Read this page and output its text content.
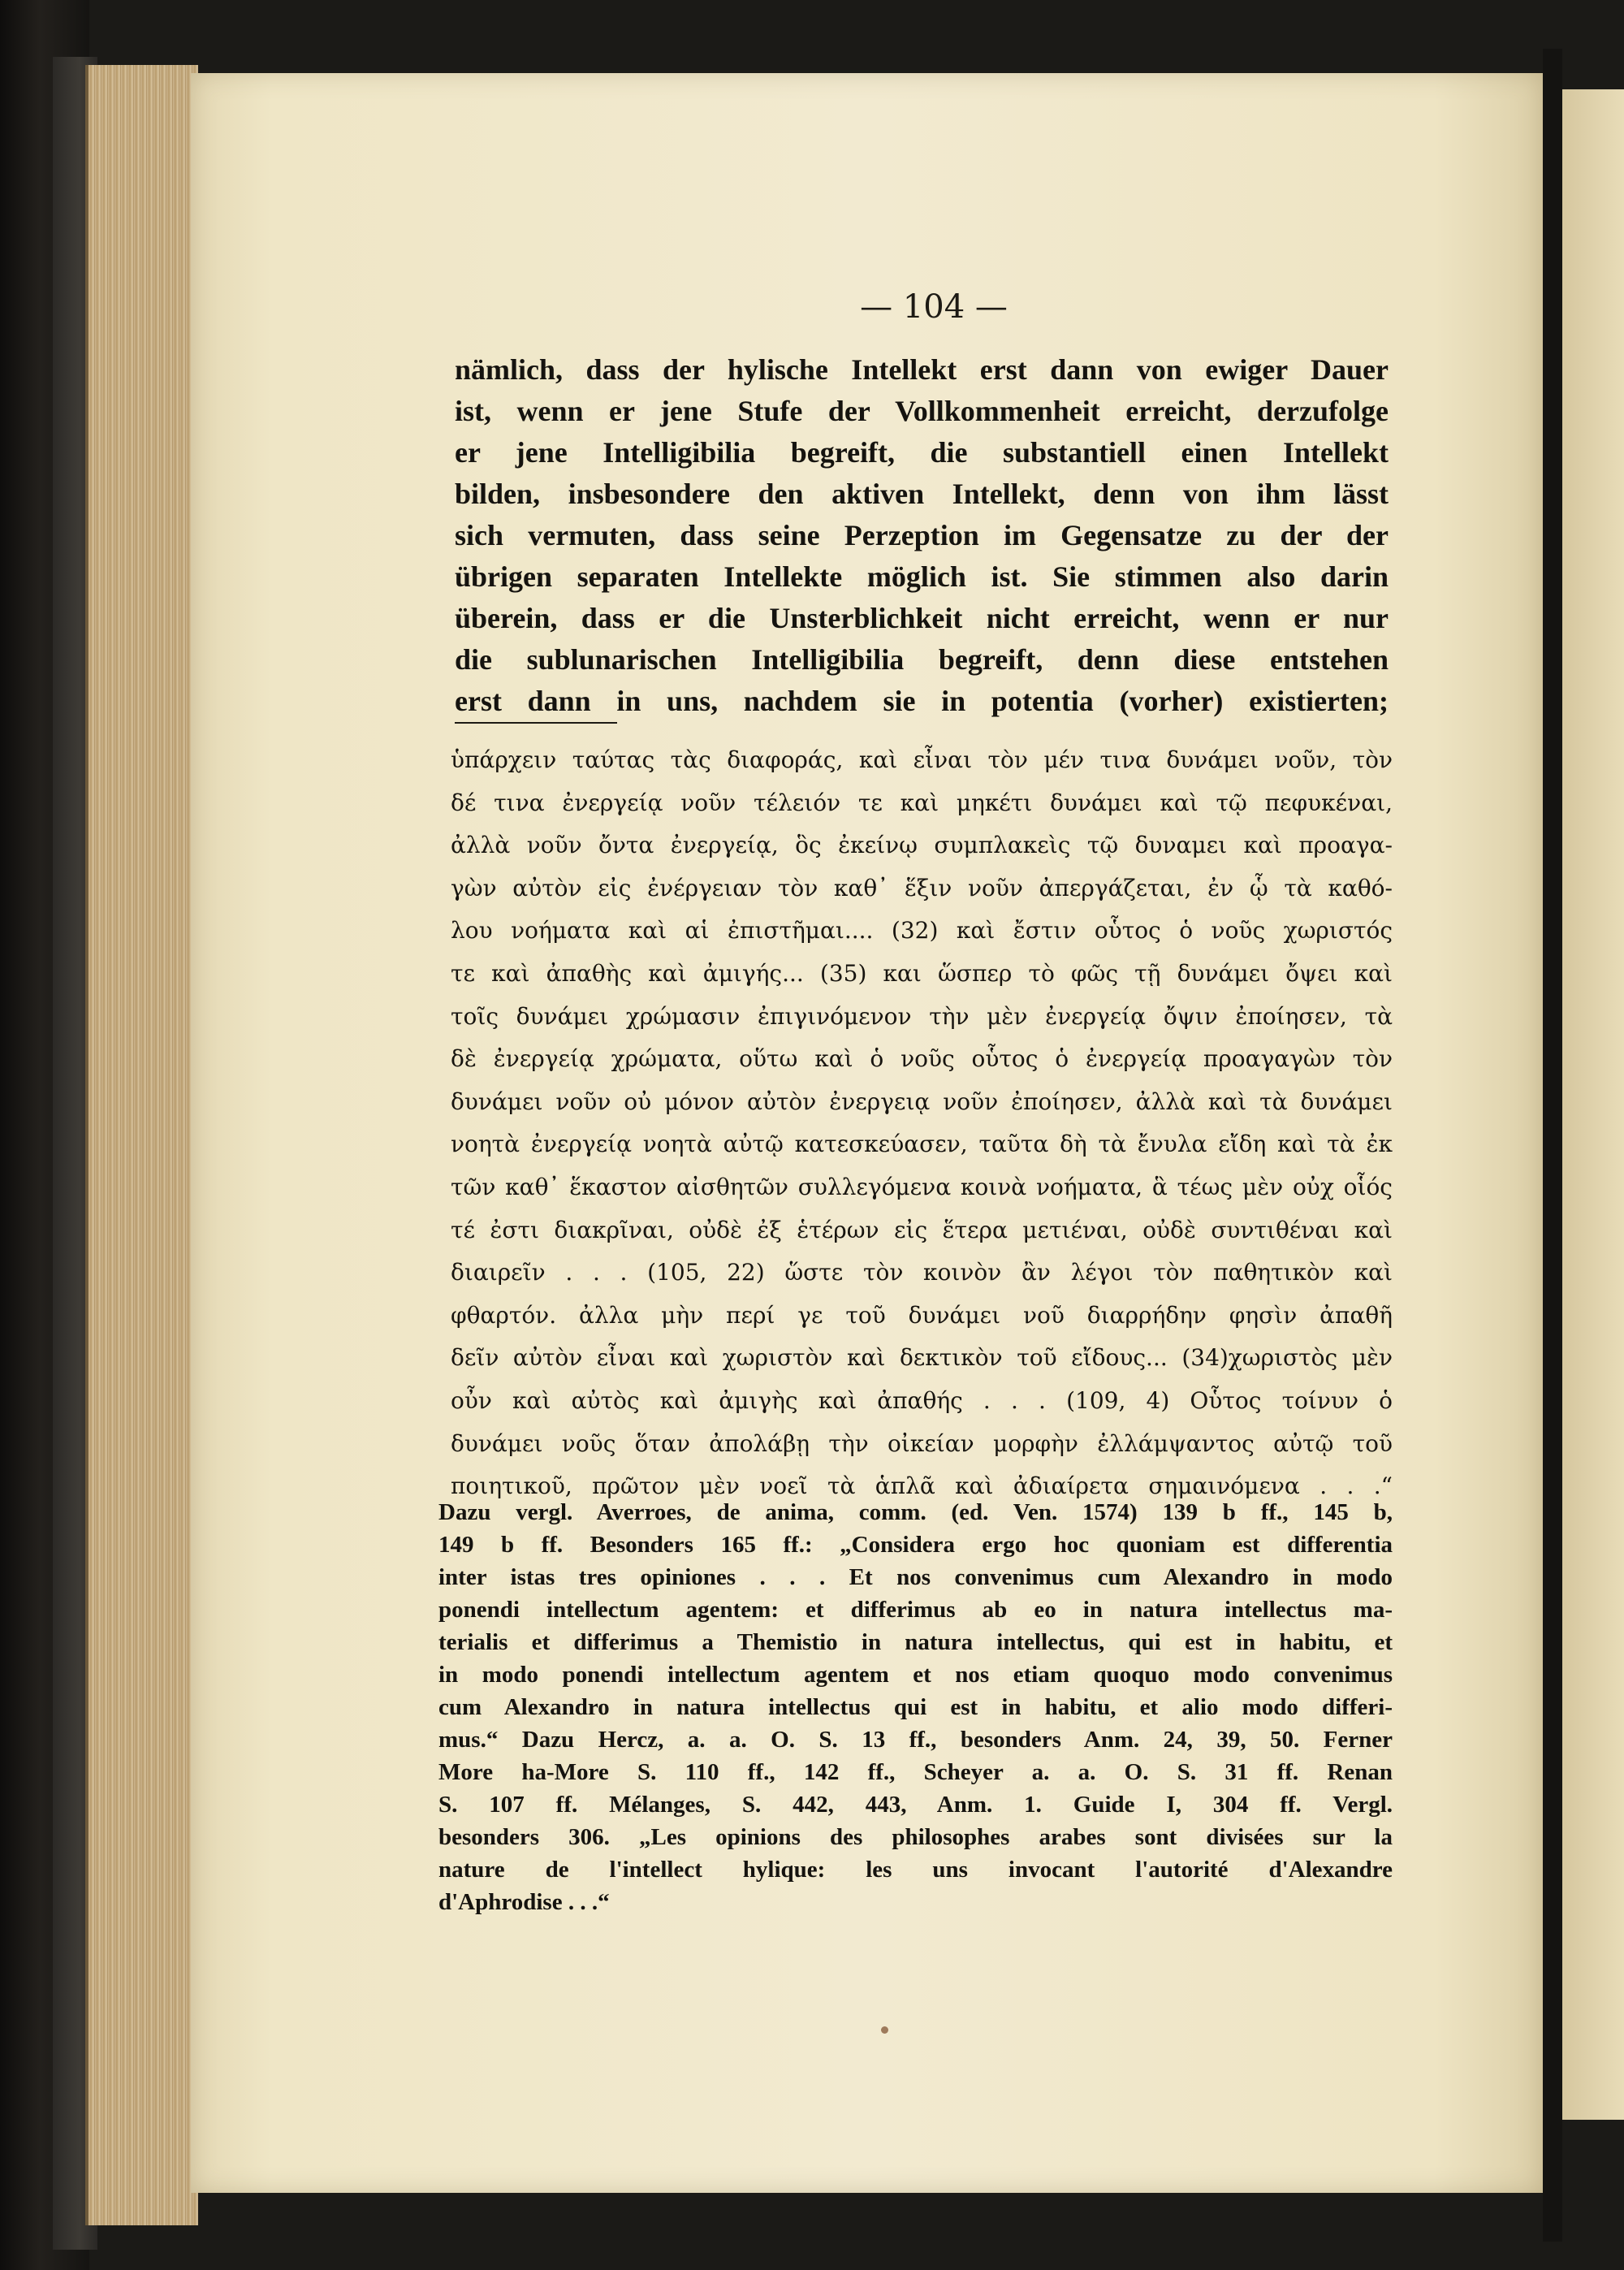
— 104 —
nämlich, dass der hylische Intellekt erst dann von ewiger Dauer
ist, wenn er jene Stufe der Vollkommenheit erreicht, derzufolge
er jene Intelligibilia begreift, die substantiell einen Intellekt
bilden, insbesondere den aktiven Intellekt, denn von ihm lässt
sich vermuten, dass seine Perzeption im Gegensatze zu der der
übrigen separaten Intellekte möglich ist. Sie stimmen also darin
überein, dass er die Unsterblichkeit nicht erreicht, wenn er nur
die sublunarischen Intelligibilia begreift, denn diese entstehen
erst dann in uns, nachdem sie in potentia (vorher) existierten;
ὑπάρχειν ταύτας τὰς διαφοράς, καὶ εἶναι τὸν μέν τινα δυνάμει νοῦν, τὸν
δέ τινα ἐνεργείᾳ νοῦν τέλειόν τε καὶ μηκέτι δυνάμει καὶ τῷ πεφυκέναι,
ἀλλὰ νοῦν ὄντα ἐνεργείᾳ, ὃς ἐκείνῳ συμπλακεὶς τῷ δυναμει καὶ προαγα-
γὼν αὐτὸν εἰς ἐνέργειαν τὸν καθ᾿ ἕξιν νοῦν ἀπεργάζεται, ἐν ᾧ τὰ καθό-
λου νοήματα καὶ αἱ ἐπιστῆμαι.... (32) καὶ ἔστιν οὗτος ὁ νοῦς χωριστός
τε καὶ ἀπαθὴς καὶ ἀμιγής... (35) και ὥσπερ τὸ φῶς τῇ δυνάμει ὄψει καὶ
τοῖς δυνάμει χρώμασιν ἐπιγινόμενον τὴν μὲν ἐνεργείᾳ ὄψιν ἐποίησεν, τὰ
δὲ ἐνεργείᾳ χρώματα, οὕτω καὶ ὁ νοῦς οὗτος ὁ ἐνεργείᾳ προαγαγὼν τὸν
δυνάμει νοῦν οὐ μόνον αὐτὸν ἐνεργειᾳ νοῦν ἐποίησεν, ἀλλὰ καὶ τὰ δυνάμει
νοητὰ ἐνεργείᾳ νοητὰ αὐτῷ κατεσκεύασεν, ταῦτα δὴ τὰ ἔνυλα εἴδη καὶ τὰ ἐκ
τῶν καθ᾿ ἕκαστον αἰσθητῶν συλλεγόμενα κοινὰ νοήματα, ἃ τέως μὲν οὐχ οἷός
τέ ἐστι διακρῖναι, οὐδὲ ἐξ ἑτέρων εἰς ἕτερα μετιέναι, οὐδὲ συντιθέναι καὶ
διαιρεῖν . . . (105, 22) ὥστε τὸν κοινὸν ἂν λέγοι τὸν παθητικὸν καὶ
φθαρτόν. ἀλλα μὴν περί γε τοῦ δυνάμει νοῦ διαρρήδην φησὶν ἀπαθῆ
δεῖν αὐτὸν εἶναι καὶ χωριστὸν καὶ δεκτικὸν τοῦ εἴδους... (34)χωριστὸς μὲν
οὖν καὶ αὐτὸς καὶ ἀμιγὴς καὶ ἀπαθής . . . (109, 4) Οὗτος τοίνυν ὁ
δυνάμει νοῦς ὅταν ἀπολάβῃ τὴν οἰκείαν μορφὴν ἐλλάμψαντος αὐτῷ τοῦ
ποιητικοῦ, πρῶτον μὲν νοεῖ τὰ ἁπλᾶ καὶ ἀδιαίρετα σημαινόμενα . . .“
Dazu vergl. Averroes, de anima, comm. (ed. Ven. 1574) 139 b ff., 145 b,
149 b ff. Besonders 165 ff.: „Considera ergo hoc quoniam est differentia
inter istas tres opiniones . . . Et nos convenimus cum Alexandro in modo
ponendi intellectum agentem: et differimus ab eo in natura intellectus ma-
terialis et differimus a Themistio in natura intellectus, qui est in habitu, et
in modo ponendi intellectum agentem et nos etiam quoquo modo convenimus
cum Alexandro in natura intellectus qui est in habitu, et alio modo differi-
mus.“ Dazu Hercz, a. a. O. S. 13 ff., besonders Anm. 24, 39, 50. Ferner
More ha-More S. 110 ff., 142 ff., Scheyer a. a. O. S. 31 ff. Renan
S. 107 ff. Mélanges, S. 442, 443, Anm. 1. Guide I, 304 ff. Vergl.
besonders 306. „Les opinions des philosophes arabes sont divisées sur la
nature de l'intellect hylique: les uns invocant l'autorité d'Alexandre
d'Aphrodise . . .“
